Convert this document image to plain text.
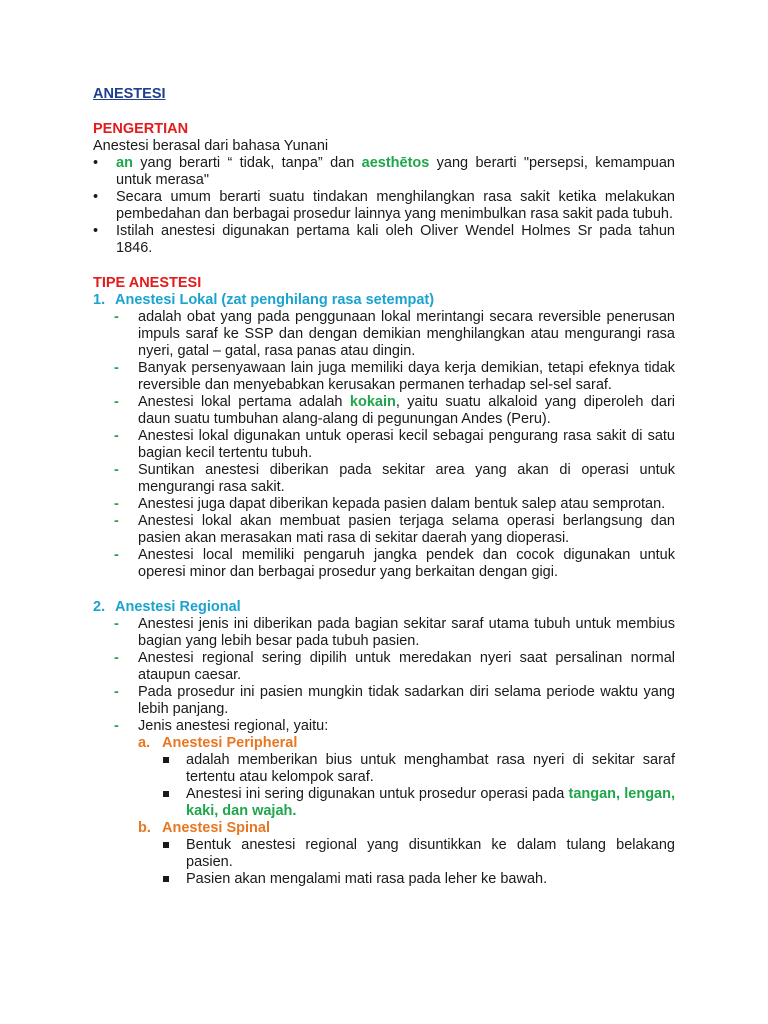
ANESTESI
PENGERTIAN
Anestesi berasal dari bahasa Yunani
• an yang berarti “ tidak, tanpa” dan aesthētos yang berarti "persepsi, kemampuan untuk merasa"
• Secara umum berarti suatu tindakan menghilangkan rasa sakit ketika melakukan pembedahan dan berbagai prosedur lainnya yang menimbulkan rasa sakit pada tubuh.
• Istilah anestesi digunakan pertama kali oleh Oliver Wendel Holmes Sr pada tahun 1846.
TIPE ANESTESI
1. Anestesi Lokal (zat penghilang rasa setempat)
- adalah obat yang pada penggunaan lokal merintangi secara reversible penerusan impuls saraf ke SSP dan dengan demikian menghilangkan atau mengurangi rasa nyeri, gatal – gatal, rasa panas atau dingin.
- Banyak persenyawaan lain juga memiliki daya kerja demikian, tetapi efeknya tidak reversible dan menyebabkan kerusakan permanen terhadap sel-sel saraf.
- Anestesi lokal pertama adalah kokain, yaitu suatu alkaloid yang diperoleh dari daun suatu tumbuhan alang-alang di pegunungan Andes (Peru).
- Anestesi lokal digunakan untuk operasi kecil sebagai pengurang rasa sakit di satu bagian kecil tertentu tubuh.
- Suntikan anestesi diberikan pada sekitar area yang akan di operasi untuk mengurangi rasa sakit.
- Anestesi juga dapat diberikan kepada pasien dalam bentuk salep atau semprotan.
- Anestesi lokal akan membuat pasien terjaga selama operasi berlangsung dan pasien akan merasakan mati rasa di sekitar daerah yang dioperasi.
- Anestesi local memiliki pengaruh jangka pendek dan cocok digunakan untuk operesi minor dan berbagai prosedur yang berkaitan dengan gigi.
2. Anestesi Regional
- Anestesi jenis ini diberikan pada bagian sekitar saraf utama tubuh untuk membius bagian yang lebih besar pada tubuh pasien.
- Anestesi regional sering dipilih untuk meredakan nyeri saat persalinan normal ataupun caesar.
- Pada prosedur ini pasien mungkin tidak sadarkan diri selama periode waktu yang lebih panjang.
- Jenis anestesi regional, yaitu:
a. Anestesi Peripheral
adalah memberikan bius untuk menghambat rasa nyeri di sekitar saraf tertentu atau kelompok saraf.
Anestesi ini sering digunakan untuk prosedur operasi pada tangan, lengan, kaki, dan wajah.
b. Anestesi Spinal
Bentuk anestesi regional yang disuntikkan ke dalam tulang belakang pasien.
Pasien akan mengalami mati rasa pada leher ke bawah.
